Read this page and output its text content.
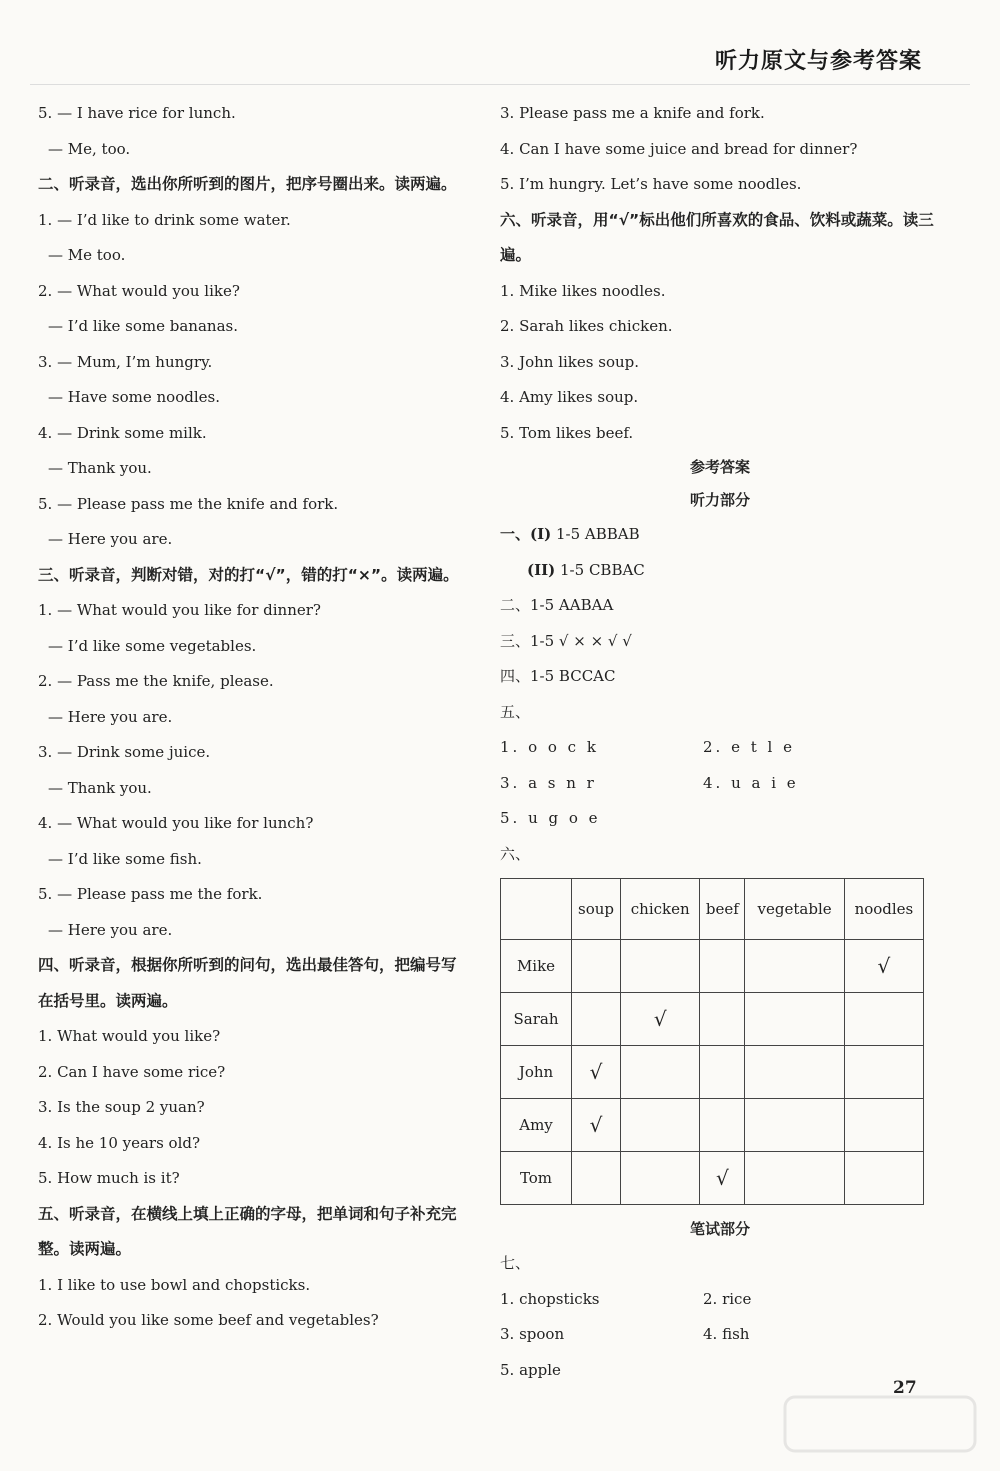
听力原文与参考答案
5. — I have rice for lunch.
— Me, too.
二、听录音，选出你所听到的图片，把序号圈出来。读两遍。
1. — I’d like to drink some water.
— Me too.
2. — What would you like?
— I’d like some bananas.
3. — Mum, I’m hungry.
— Have some noodles.
4. — Drink some milk.
— Thank you.
5. — Please pass me the knife and fork.
— Here you are.
三、听录音，判断对错，对的打“√”，错的打“×”。读两遍。
1. — What would you like for dinner?
— I’d like some vegetables.
2. — Pass me the knife, please.
— Here you are.
3. — Drink some juice.
— Thank you.
4. — What would you like for lunch?
— I’d like some fish.
5. — Please pass me the fork.
— Here you are.
四、听录音，根据你所听到的问句，选出最佳答句，把编号写在括号里。读两遍。
1. What would you like?
2. Can I have some rice?
3. Is the soup 2 yuan?
4. Is he 10 years old?
5. How much is it?
五、听录音，在横线上填上正确的字母，把单词和句子补充完整。读两遍。
1. I like to use bowl and chopsticks.
2. Would you like some beef and vegetables?
3. Please pass me a knife and fork.
4. Can I have some juice and bread for dinner?
5. I’m hungry. Let’s have some noodles.
六、听录音，用“√”标出他们所喜欢的食品、饮料或蔬菜。读三遍。
1. Mike likes noodles.
2. Sarah likes chicken.
3. John likes soup.
4. Amy likes soup.
5. Tom likes beef.
参考答案
听力部分
一、(I) 1-5 ABBAB
(II) 1-5 CBBAC
二、1-5 AABAA
三、1-5 √ × × √ √
四、1-5 BCCAC
五、
1. o o c k	2. e t l e
3. a s n r	4. u a i e
5. u g o e
六、
	soup	chicken	beef	vegetable	noodles
Mike					√
Sarah		√			
John	√				
Amy	√				
Tom			√		
笔试部分
七、
1. chopsticks	2. rice
3. spoon	4. fish
5. apple
27
